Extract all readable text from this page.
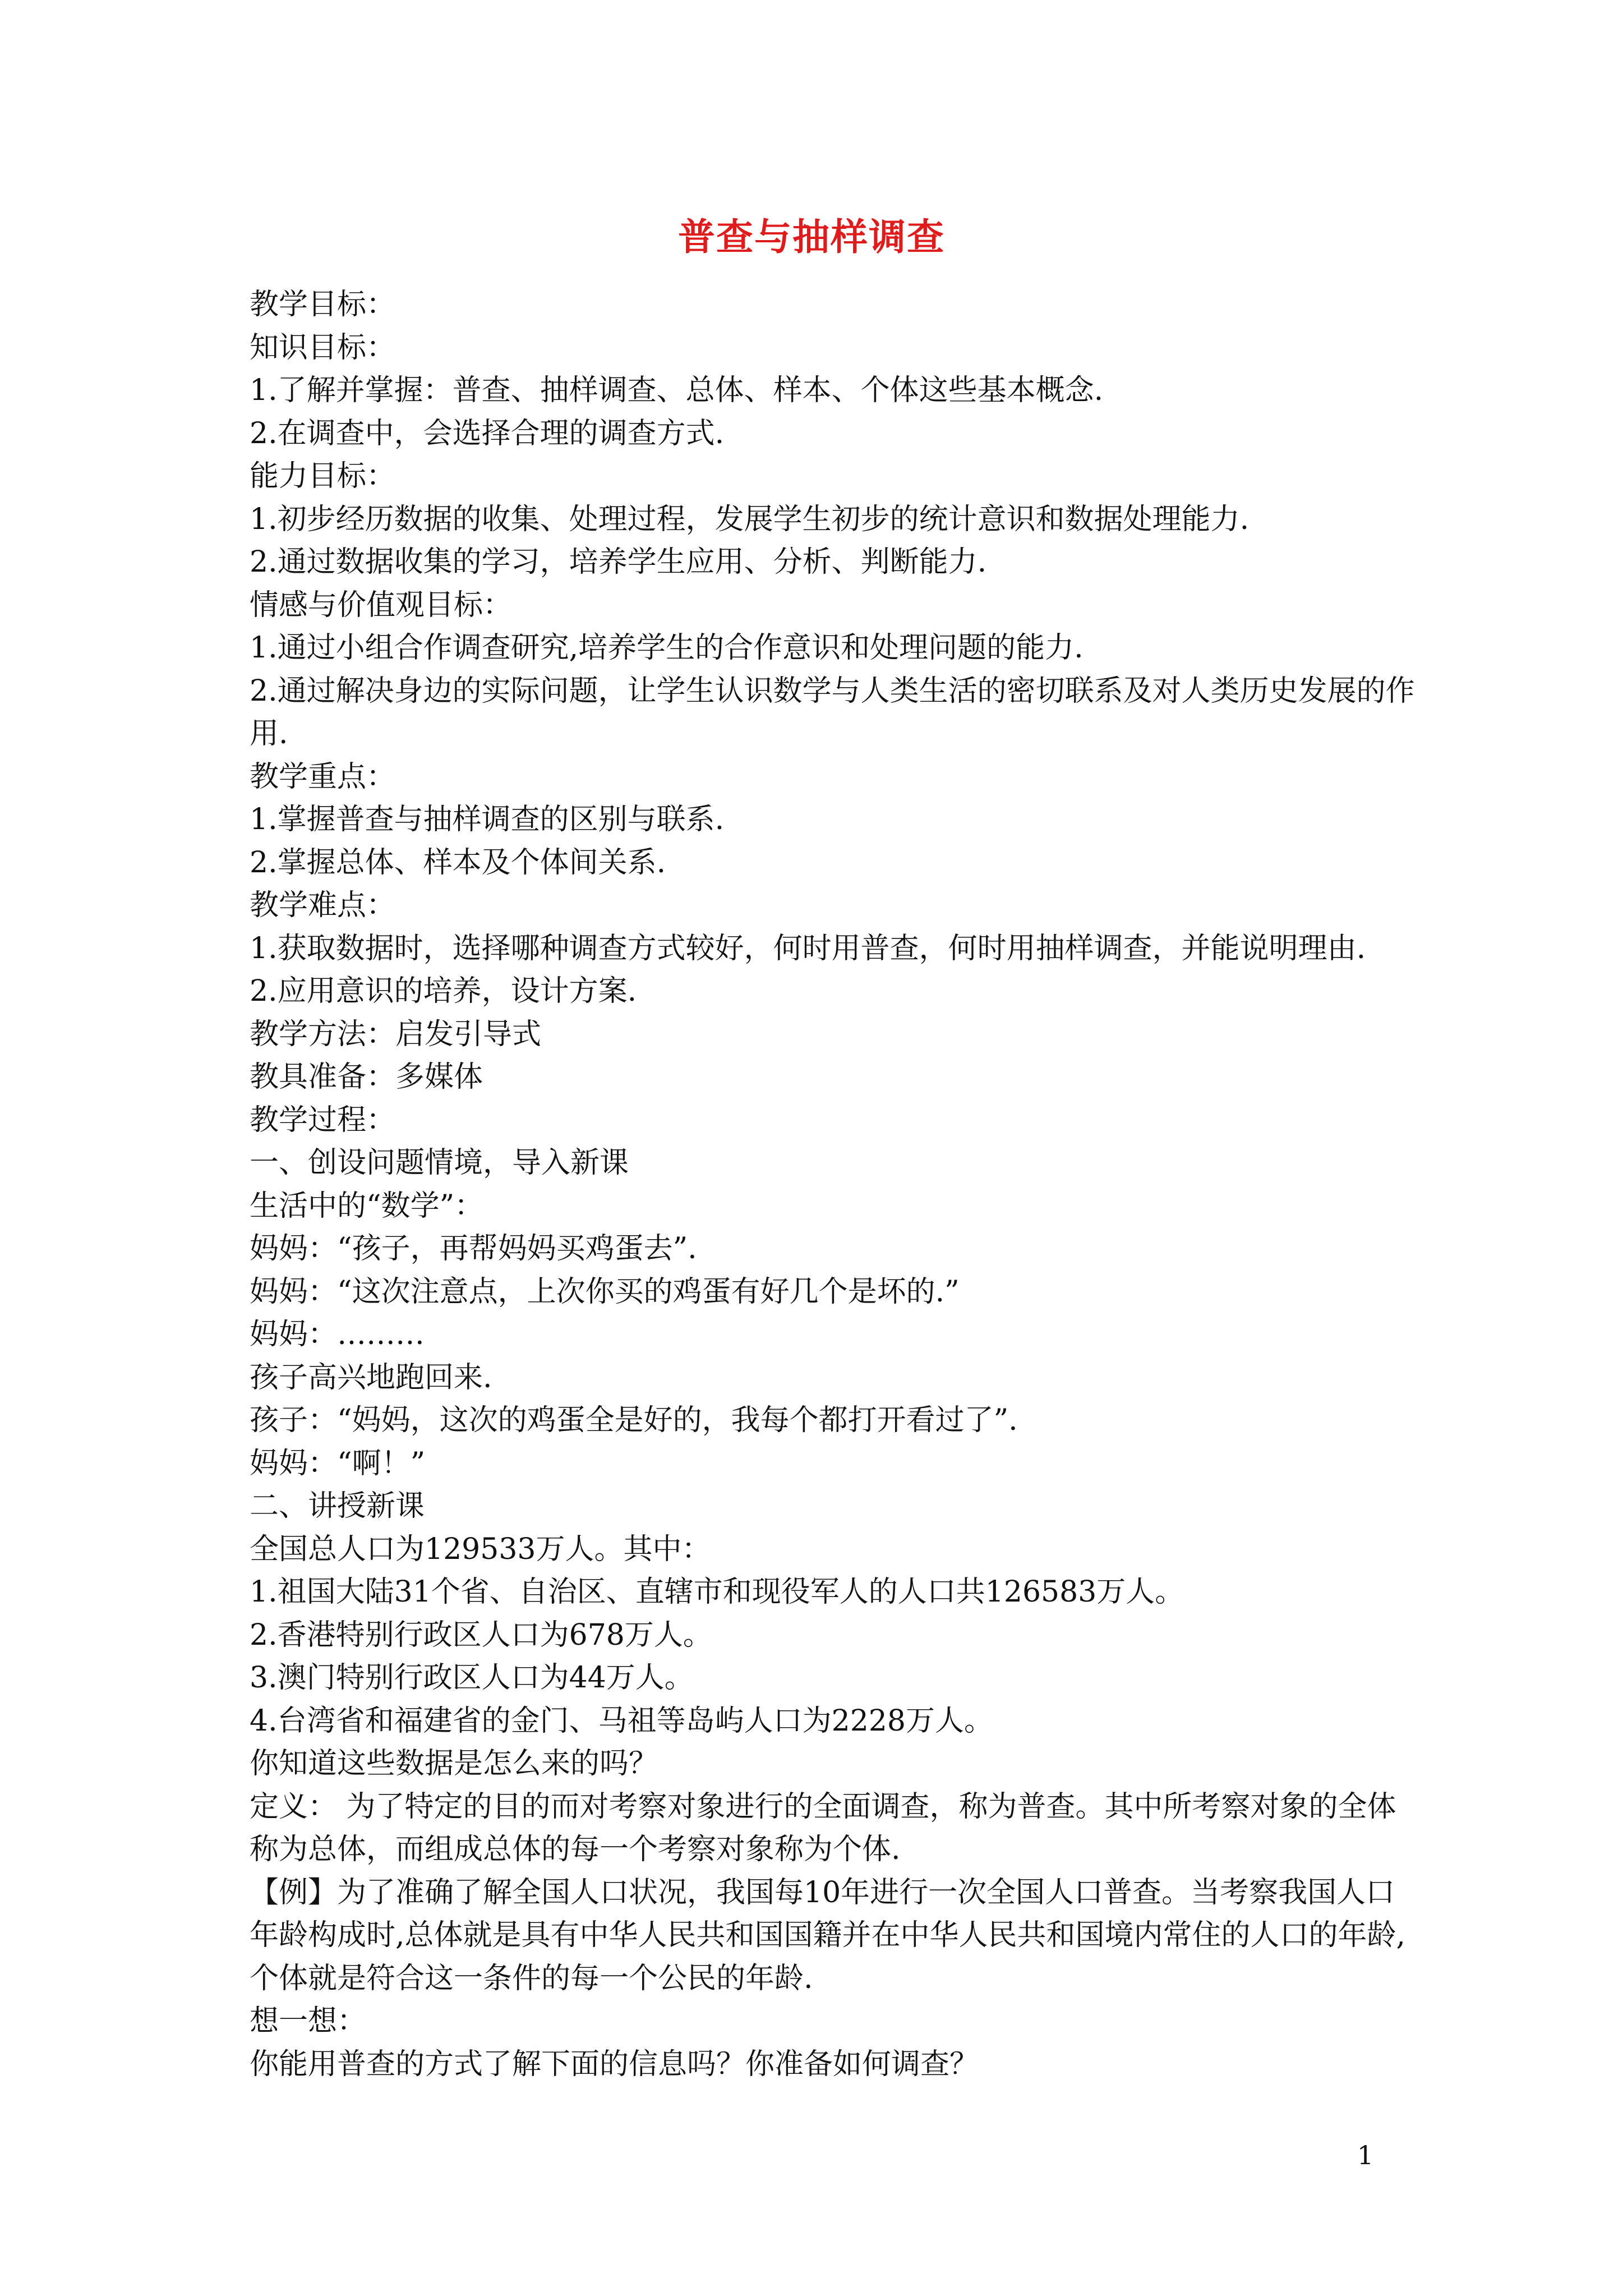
普查与抽样调查
教学目标：
知识目标：
1.了解并掌握：普查、抽样调查、总体、样本、个体这些基本概念.
2.在调查中，会选择合理的调查方式.
能力目标：
1.初步经历数据的收集、处理过程，发展学生初步的统计意识和数据处理能力.
2.通过数据收集的学习，培养学生应用、分析、判断能力.
情感与价值观目标：
1.通过小组合作调查研究,培养学生的合作意识和处理问题的能力.
2.通过解决身边的实际问题，让学生认识数学与人类生活的密切联系及对人类历史发展的作
用.
教学重点：
1.掌握普查与抽样调查的区别与联系.
2.掌握总体、样本及个体间关系.
教学难点：
1.获取数据时，选择哪种调查方式较好，何时用普查，何时用抽样调查，并能说明理由.
2.应用意识的培养，设计方案.
教学方法：启发引导式
教具准备：多媒体
教学过程：
一、创设问题情境，导入新课
生活中的“数学”：
妈妈：“孩子，再帮妈妈买鸡蛋去”.
妈妈：“这次注意点，上次你买的鸡蛋有好几个是坏的.”
妈妈：………
孩子高兴地跑回来.
孩子：“妈妈，这次的鸡蛋全是好的，我每个都打开看过了”.
妈妈：“啊！”
二、讲授新课
全国总人口为129533万人。其中：
1.祖国大陆31个省、自治区、直辖市和现役军人的人口共126583万人。
2.香港特别行政区人口为678万人。
3.澳门特别行政区人口为44万人。
4.台湾省和福建省的金门、马祖等岛屿人口为2228万人。
你知道这些数据是怎么来的吗？
定义： 为了特定的目的而对考察对象进行的全面调查，称为普查。其中所考察对象的全体
称为总体，而组成总体的每一个考察对象称为个体.
【例】为了准确了解全国人口状况，我国每10年进行一次全国人口普查。当考察我国人口
年龄构成时,总体就是具有中华人民共和国国籍并在中华人民共和国境内常住的人口的年龄,
个体就是符合这一条件的每一个公民的年龄.
想一想：
你能用普查的方式了解下面的信息吗？你准备如何调查？
1
